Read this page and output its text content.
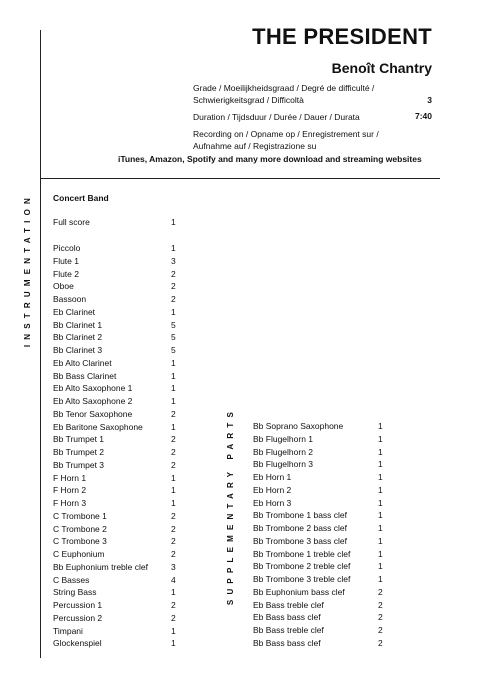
THE PRESIDENT
Benoît Chantry
Grade / Moeilijkheidsgraad / Degré de difficulté /
Schwierigkeitsgrad / Difficoltà	3
Duration / Tijdsduur / Durée / Dauer / Durata	7:40
Recording on / Opname op / Enregistrement sur /
Aufnahme auf / Registrazione su
iTunes, Amazon, Spotify and many more download and streaming websites
INSTRUMENTATION
SUPPLEMENTARY PARTS
Concert Band
Full score	1
Piccolo	1
Flute 1	3
Flute 2	2
Oboe	2
Bassoon	2
Eb Clarinet	1
Bb Clarinet 1	5
Bb Clarinet 2	5
Bb Clarinet 3	5
Eb Alto Clarinet	1
Bb Bass Clarinet	1
Eb Alto Saxophone 1	1
Eb Alto Saxophone 2	1
Bb Tenor Saxophone	2
Eb Baritone Saxophone	1
Bb Trumpet 1	2
Bb Trumpet 2	2
Bb Trumpet 3	2
F Horn 1	1
F Horn 2	1
F Horn 3	1
C Trombone 1	2
C Trombone 2	2
C Trombone 3	2
C Euphonium	2
Bb Euphonium treble clef	3
C Basses	4
String Bass	1
Percussion 1	2
Percussion 2	2
Timpani	1
Glockenspiel	1
Bb Soprano Saxophone	1
Bb Flugelhorn 1	1
Bb Flugelhorn 2	1
Bb Flugelhorn 3	1
Eb Horn 1	1
Eb Horn 2	1
Eb Horn 3	1
Bb Trombone 1 bass clef	1
Bb Trombone 2 bass clef	1
Bb Trombone 3 bass clef	1
Bb Trombone 1 treble clef	1
Bb Trombone 2 treble clef	1
Bb Trombone 3 treble clef	1
Bb Euphonium bass clef	2
Eb Bass treble clef	2
Eb Bass bass clef	2
Bb Bass treble clef	2
Bb Bass bass clef	2
